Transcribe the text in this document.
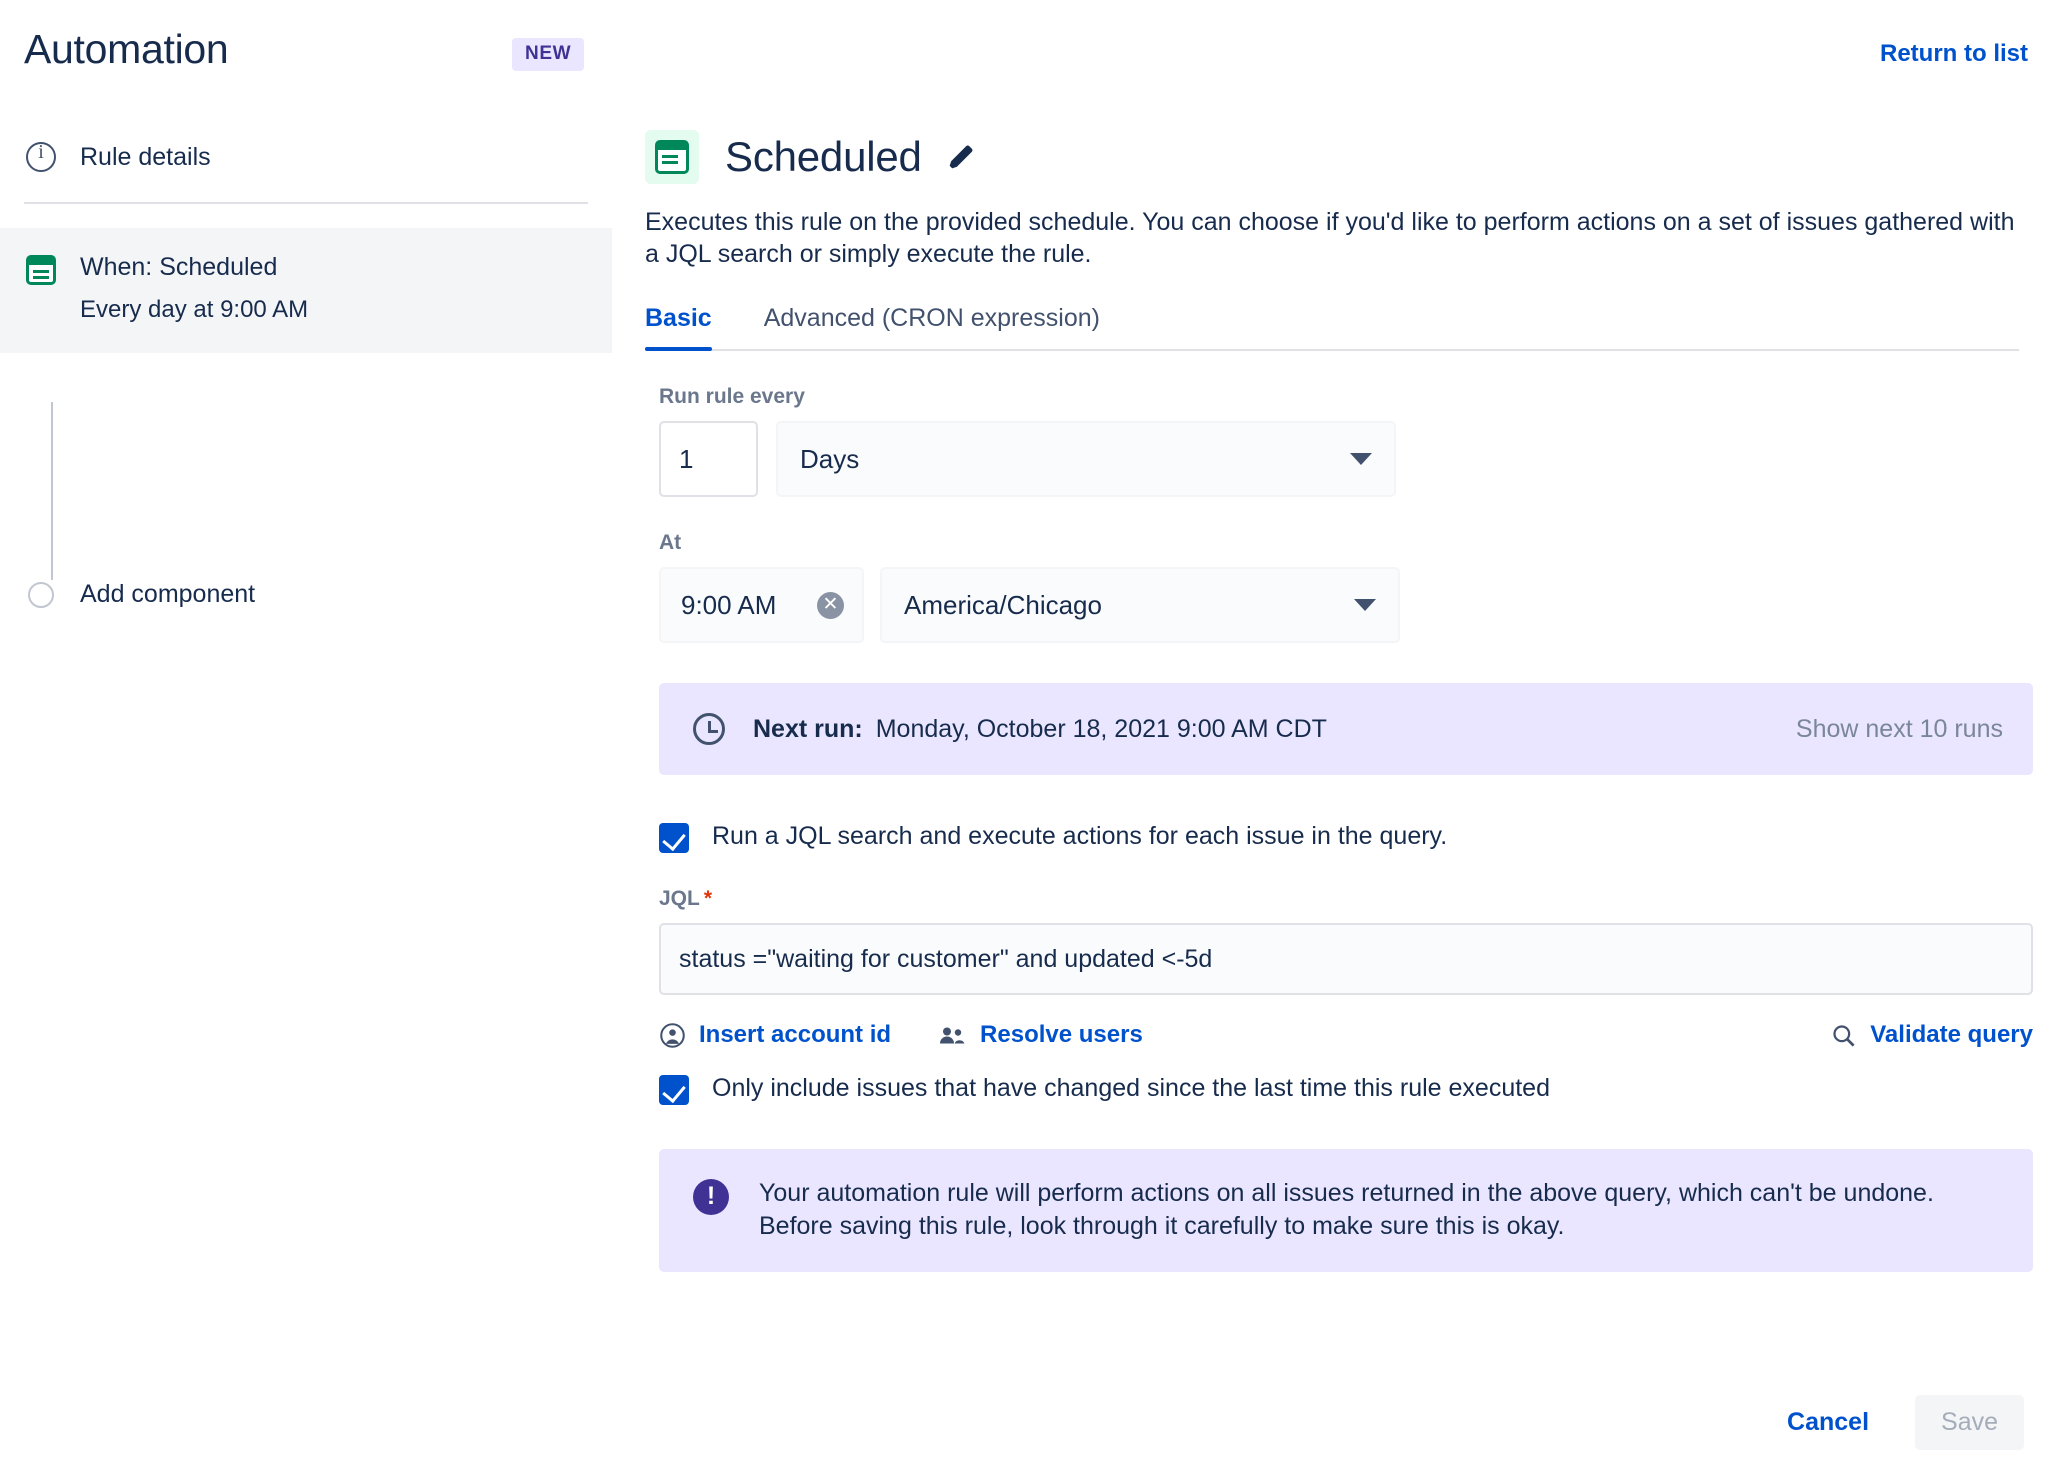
Automation	NEW	Return to list
i
Rule details
When: Scheduled
Every day at 9:00 AM
Add component
Scheduled
Executes this rule on the provided schedule. You can choose if you'd like to perform actions on a set of issues gathered with a JQL search or simply execute the rule.
Basic Advanced (CRON expression)
Run rule every
1
Days
At
9:00 AM ✕	America/Chicago
Next run: Monday, October 18, 2021 9:00 AM CDT	Show next 10 runs
Run a JQL search and execute actions for each issue in the query.
JQL *
status ="waiting for customer" and updated <-5d
Insert account id	Resolve users	Validate query
Only include issues that have changed since the last time this rule executed
!	Your automation rule will perform actions on all issues returned in the above query, which can't be undone. Before saving this rule, look through it carefully to make sure this is okay.
Cancel	Save
